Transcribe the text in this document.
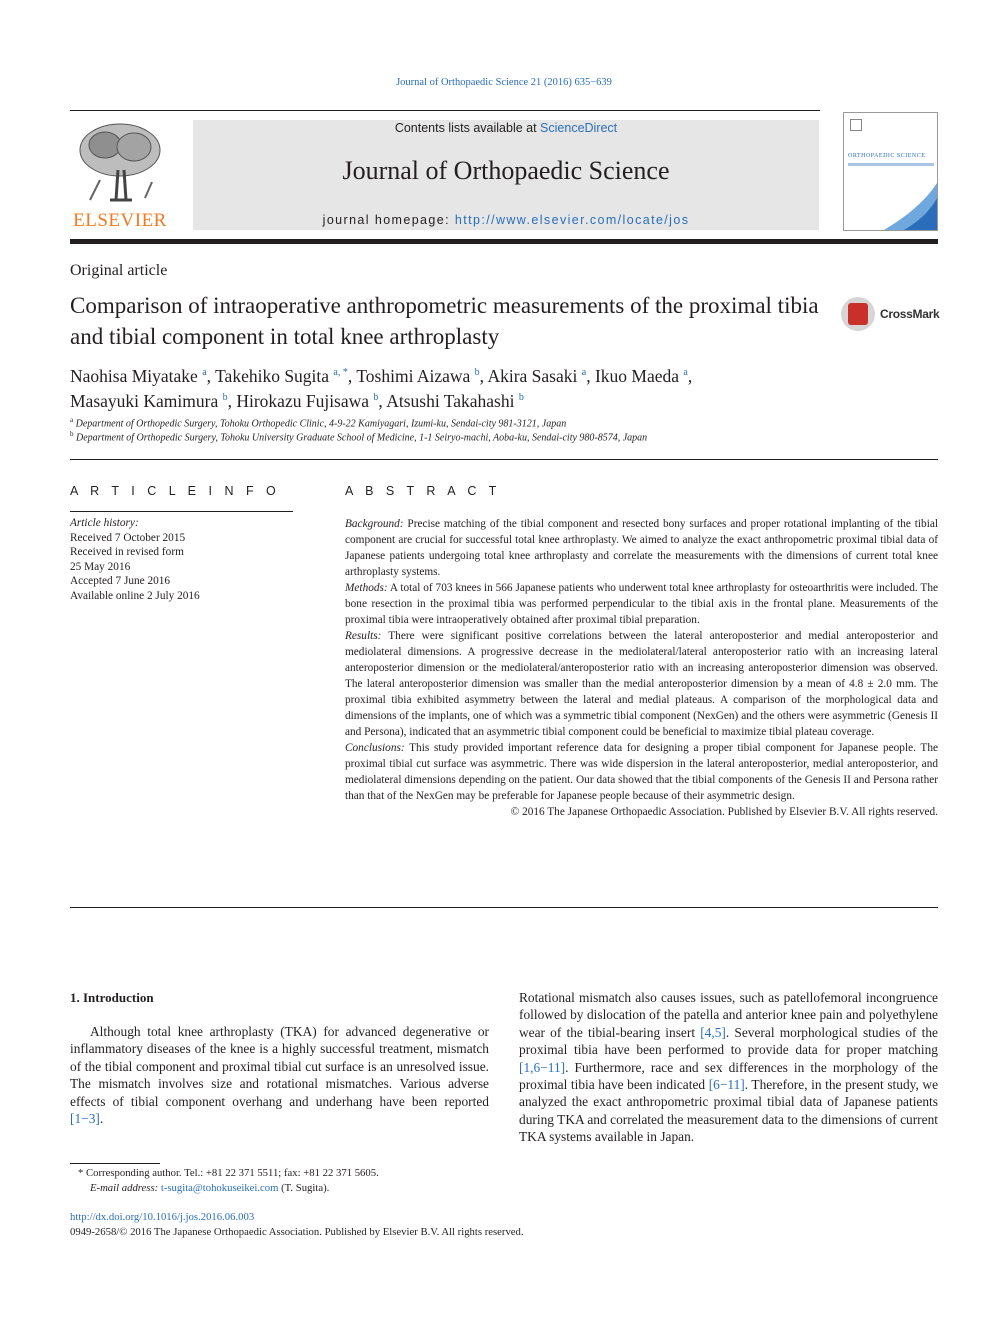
Journal of Orthopaedic Science 21 (2016) 635−639
ELSEVIER
Contents lists available at ScienceDirect
Journal of Orthopaedic Science
journal homepage: http://www.elsevier.com/locate/jos
ORTHOPAEDIC SCIENCE
Original article
Comparison of intraoperative anthropometric measurements of the proximal tibia and tibial component in total knee arthroplasty
CrossMark
Naohisa Miyatake $^a$, Takehiko Sugita $^{a, *}$, Toshimi Aizawa $^b$, Akira Sasaki $^a$, Ikuo Maeda $^a$,
Masayuki Kamimura $^b$, Hirokazu Fujisawa $^b$, Atsushi Takahashi $^b$
$^a$ Department of Orthopedic Surgery, Tohoku Orthopedic Clinic, 4-9-22 Kamiyagari, Izumi-ku, Sendai-city 981-3121, Japan
$^b$ Department of Orthopedic Surgery, Tohoku University Graduate School of Medicine, 1-1 Seiryo-machi, Aoba-ku, Sendai-city 980-8574, Japan
A R T I C L E I N F O
Article history:
Received 7 October 2015
Received in revised form
25 May 2016
Accepted 7 June 2016
Available online 2 July 2016
A B S T R A C T

Background: Precise matching of the tibial component and resected bony surfaces and proper rotational implanting of the tibial component are crucial for successful total knee arthroplasty. We aimed to analyze the exact anthropometric proximal tibial data of Japanese patients undergoing total knee arthroplasty and correlate the measurements with the dimensions of current total knee arthroplasty systems.

Methods: A total of 703 knees in 566 Japanese patients who underwent total knee arthroplasty for osteoarthritis were included. The bone resection in the proximal tibia was performed perpendicular to the tibial axis in the frontal plane. Measurements of the proximal tibia were intraoperatively obtained after proximal tibial preparation.

Results: There were significant positive correlations between the lateral anteroposterior and medial anteroposterior and mediolateral dimensions. A progressive decrease in the mediolateral/lateral anteroposterior ratio with an increasing lateral anteroposterior dimension or the mediolateral/anteroposterior ratio with an increasing anteroposterior dimension was observed. The lateral anteroposterior dimension was smaller than the medial anteroposterior dimension by a mean of 4.8 ± 2.0 mm. The proximal tibia exhibited asymmetry between the lateral and medial plateaus. A comparison of the morphological data and dimensions of the implants, one of which was a symmetric tibial component (NexGen) and the others were asymmetric (Genesis II and Persona), indicated that an asymmetric tibial component could be beneficial to maximize tibial plateau coverage.

Conclusions: This study provided important reference data for designing a proper tibial component for Japanese people. The proximal tibial cut surface was asymmetric. There was wide dispersion in the lateral anteroposterior, medial anteroposterior, and mediolateral dimensions depending on the patient. Our data showed that the tibial components of the Genesis II and Persona rather than that of the NexGen may be preferable for Japanese people because of their asymmetric design.

© 2016 The Japanese Orthopaedic Association. Published by Elsevier B.V. All rights reserved.

1. Introduction

Although total knee arthroplasty (TKA) for advanced degenerative or inflammatory diseases of the knee is a highly successful treatment, mismatch of the tibial component and proximal tibial cut surface is an unresolved issue. The mismatch involves size and rotational mismatches. Various adverse effects of tibial component overhang and underhang have been reported [1−3].

Rotational mismatch also causes issues, such as patellofemoral incongruence followed by dislocation of the patella and anterior knee pain and polyethylene wear of the tibial-bearing insert [4,5]. Several morphological studies of the proximal tibia have been performed to provide data for proper matching [1,6−11]. Furthermore, race and sex differences in the morphology of the proximal tibia have been indicated [6−11]. Therefore, in the present study, we analyzed the exact anthropometric proximal tibial data of Japanese patients during TKA and correlated the measurement data to the dimensions of current TKA systems available in Japan.

* Corresponding author. Tel.: +81 22 371 5511; fax: +81 22 371 5605.
E-mail address: t-sugita@tohokuseikei.com (T. Sugita).
http://dx.doi.org/10.1016/j.jos.2016.06.003
0949-2658/© 2016 The Japanese Orthopaedic Association. Published by Elsevier B.V. All rights reserved.
